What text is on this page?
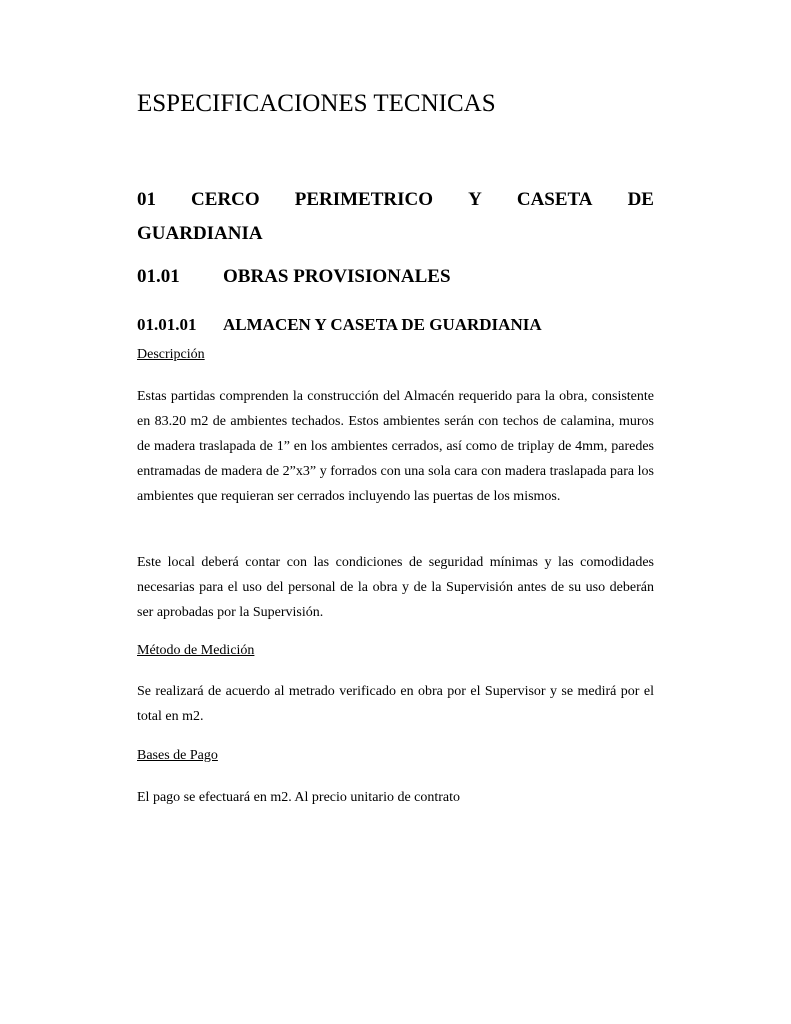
ESPECIFICACIONES TECNICAS
01 CERCO PERIMETRICO Y CASETA DE
GUARDIANIA
01.01 OBRAS PROVISIONALES
01.01.01 ALMACEN Y CASETA DE GUARDIANIA
Descripción

Estas partidas comprenden la construcción del Almacén requerido para la obra, consistente en 83.20 m2 de ambientes techados. Estos ambientes serán con techos de calamina, muros de madera traslapada de 1” en los ambientes cerrados, así como de triplay de 4mm, paredes entramadas de madera de 2”x3” y forrados con una sola cara con madera traslapada para los ambientes que requieran ser cerrados incluyendo las puertas de los mismos.

Este local deberá contar con las condiciones de seguridad mínimas y las comodidades necesarias para el uso del personal de la obra y de la Supervisión antes de su uso deberán ser aprobadas por la Supervisión.

Método de Medición

Se realizará de acuerdo al metrado verificado en obra por el Supervisor y se medirá por el total en m2.

Bases de Pago

El pago se efectuará en m2. Al precio unitario de contrato
